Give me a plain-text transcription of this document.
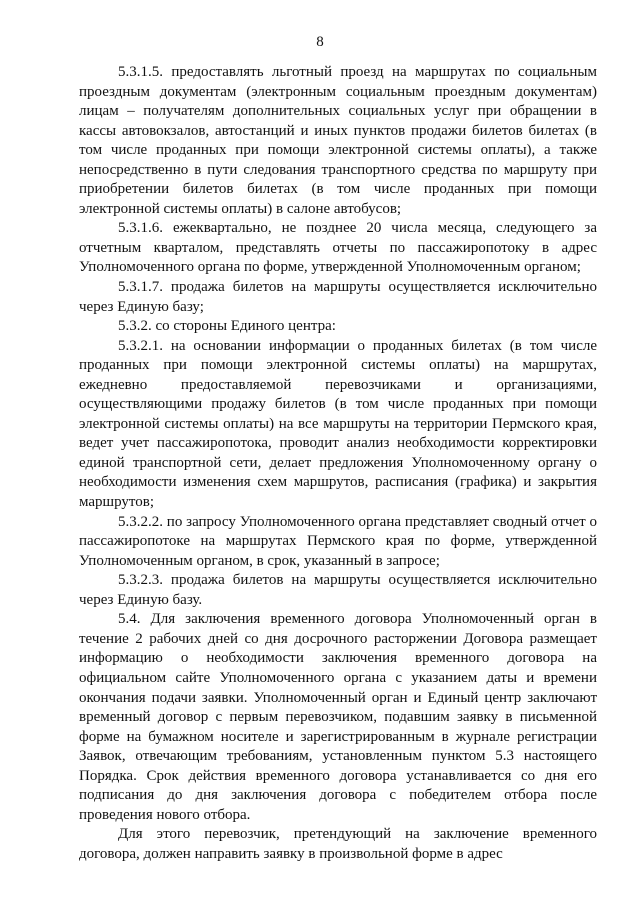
8

5.3.1.5. предоставлять льготный проезд на маршрутах по социальным проездным документам (электронным социальным проездным документам) лицам – получателям дополнительных социальных услуг при обращении в кассы автовокзалов, автостанций и иных пунктов продажи билетов билетах (в том числе проданных при помощи электронной системы оплаты), а также непосредственно в пути следования транспортного средства по маршруту при приобретении билетов билетах (в том числе проданных при помощи электронной системы оплаты) в салоне автобусов;

5.3.1.6. ежеквартально, не позднее 20 числа месяца, следующего за отчетным кварталом, представлять отчеты по пассажиропотоку в адрес Уполномоченного органа по форме, утвержденной Уполномоченным органом;

5.3.1.7. продажа билетов на маршруты осуществляется исключительно через Единую базу;

5.3.2. со стороны Единого центра:

5.3.2.1. на основании информации о проданных билетах (в том числе проданных при помощи электронной системы оплаты) на маршрутах, ежедневно предоставляемой перевозчиками и организациями, осуществляющими продажу билетов (в том числе проданных при помощи электронной системы оплаты) на все маршруты на территории Пермского края, ведет учет пассажиропотока, проводит анализ необходимости корректировки единой транспортной сети, делает предложения Уполномоченному органу о необходимости изменения схем маршрутов, расписания (графика) и закрытия маршрутов;

5.3.2.2. по запросу Уполномоченного органа представляет сводный отчет о пассажиропотоке на маршрутах Пермского края по форме, утвержденной Уполномоченным органом, в срок, указанный в запросе;

5.3.2.3. продажа билетов на маршруты осуществляется исключительно через Единую базу.

5.4. Для заключения временного договора Уполномоченный орган в течение 2 рабочих дней со дня досрочного расторжении Договора размещает информацию о необходимости заключения временного договора на официальном сайте Уполномоченного органа с указанием даты и времени окончания подачи заявки. Уполномоченный орган и Единый центр заключают временный договор с первым перевозчиком, подавшим заявку в письменной форме на бумажном носителе и зарегистрированным в журнале регистрации Заявок, отвечающим требованиям, установленным пунктом 5.3 настоящего Порядка. Срок действия временного договора устанавливается со дня его подписания до дня заключения договора с победителем отбора после проведения нового отбора.

Для этого перевозчик, претендующий на заключение временного договора, должен направить заявку в произвольной форме в адрес
